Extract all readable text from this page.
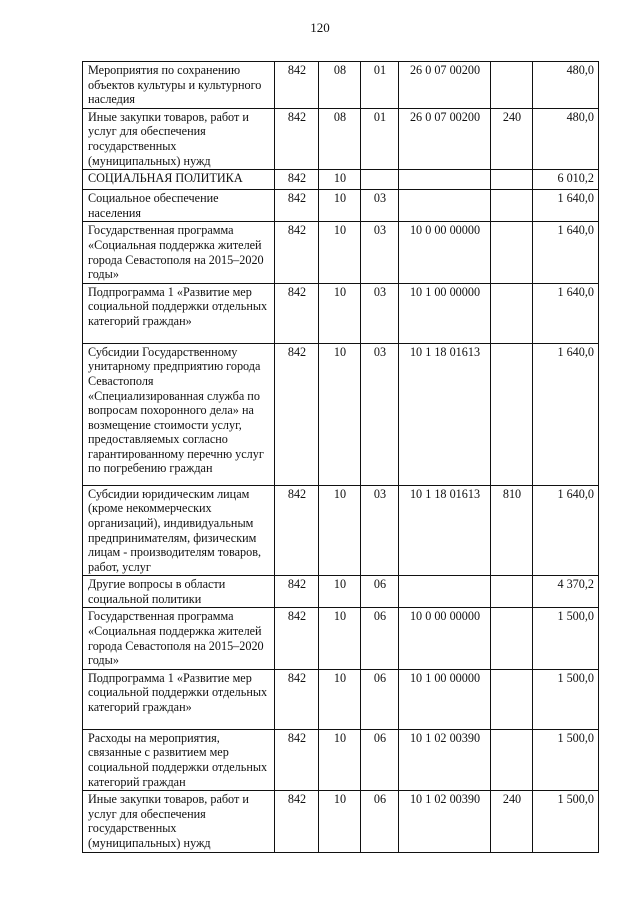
120
Мероприятия по сохранению объектов культуры и культурного наследия	842	08	01	26 0 07 00200		480,0
Иные закупки товаров, работ и услуг для обеспечения государственных (муниципальных) нужд	842	08	01	26 0 07 00200	240	480,0
СОЦИАЛЬНАЯ ПОЛИТИКА	842	10				6 010,2
Социальное обеспечение населения	842	10	03			1 640,0
Государственная программа «Социальная поддержка жителей города Севастополя на 2015–2020 годы»	842	10	03	10 0 00 00000		1 640,0
Подпрограмма 1 «Развитие мер социальной поддержки отдельных категорий граждан»	842	10	03	10 1 00 00000		1 640,0
Субсидии Государственному унитарному предприятию города Севастополя «Специализированная служба по вопросам похоронного дела» на возмещение стоимости услуг, предоставляемых согласно гарантированному перечню услуг по погребению граждан	842	10	03	10 1 18 01613		1 640,0
Субсидии юридическим лицам (кроме некоммерческих организаций), индивидуальным предпринимателям, физическим лицам - производителям товаров, работ, услуг	842	10	03	10 1 18 01613	810	1 640,0
Другие вопросы в области социальной политики	842	10	06			4 370,2
Государственная программа «Социальная поддержка жителей города Севастополя на 2015–2020 годы»	842	10	06	10 0 00 00000		1 500,0
Подпрограмма 1 «Развитие мер социальной поддержки отдельных категорий граждан»	842	10	06	10 1 00 00000		1 500,0
Расходы на мероприятия, связанные с развитием мер социальной поддержки отдельных категорий граждан	842	10	06	10 1 02 00390		1 500,0
Иные закупки товаров, работ и услуг для обеспечения государственных (муниципальных) нужд	842	10	06	10 1 02 00390	240	1 500,0
